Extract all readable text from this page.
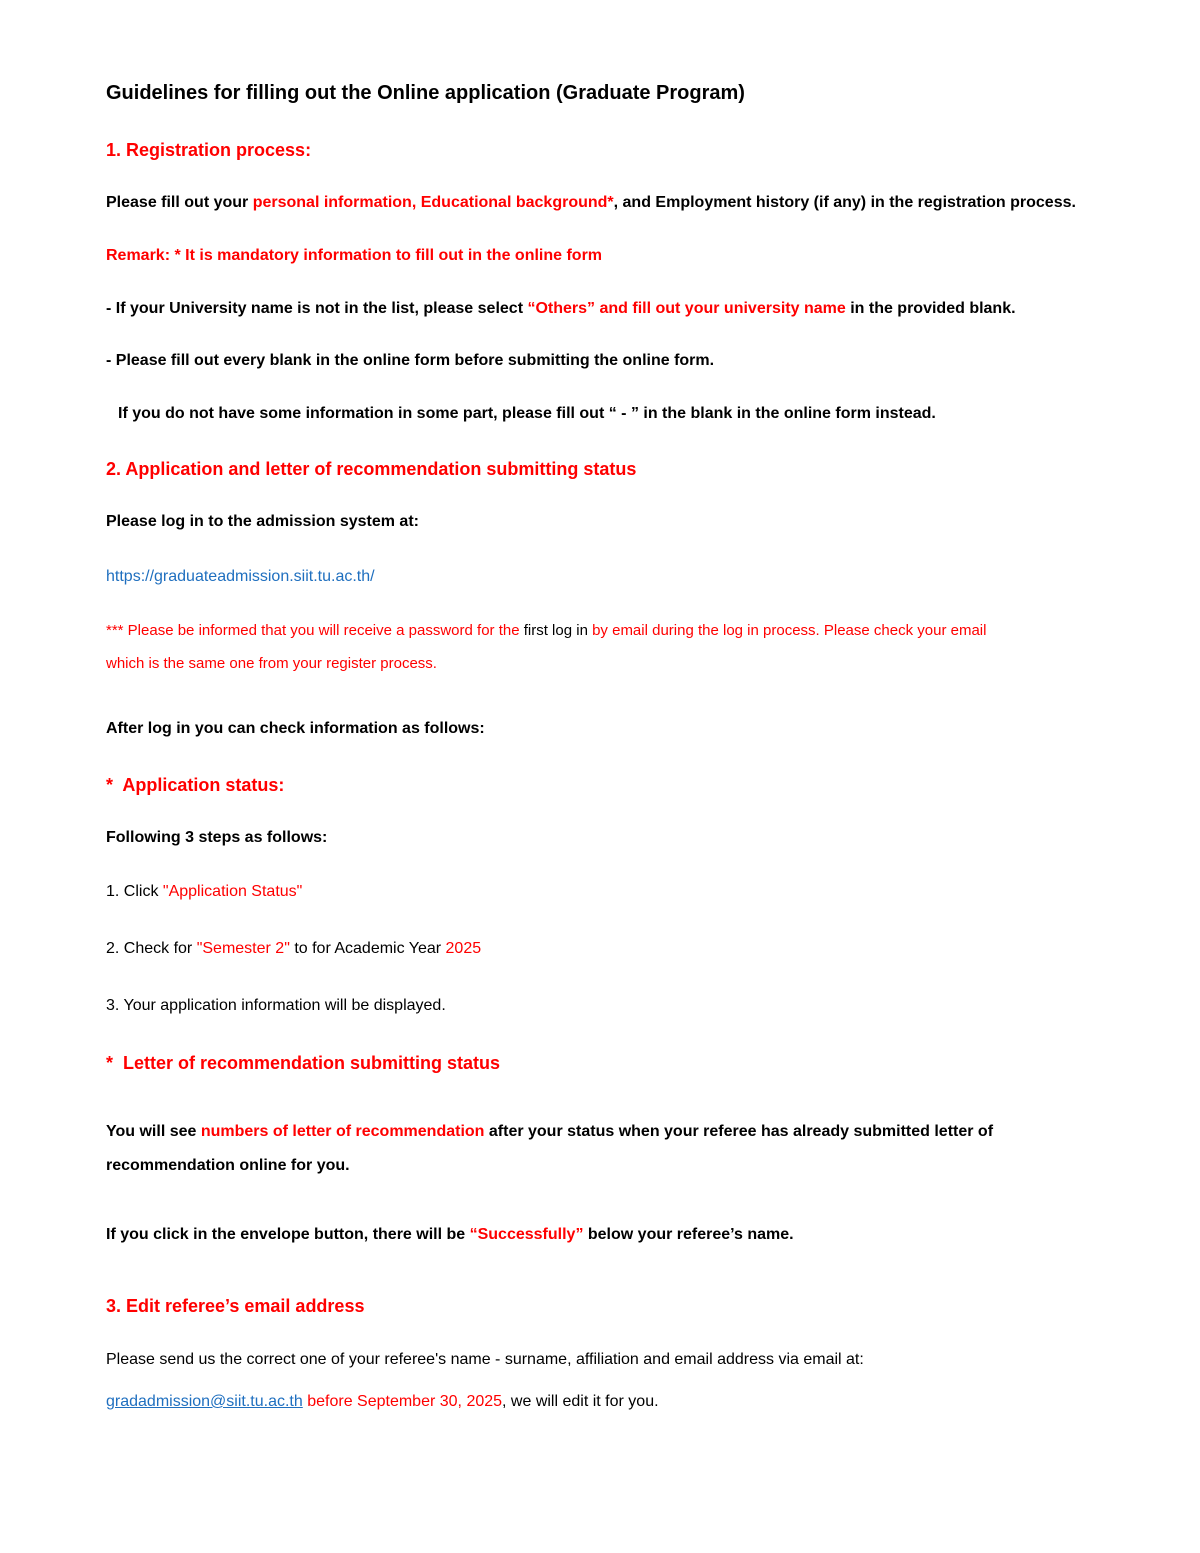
Guidelines for filling out the Online application (Graduate Program)
1. Registration process:
Please fill out your personal information, Educational background*, and Employment history (if any) in the registration process.
Remark: * It is mandatory information to fill out in the online form
- If your University name is not in the list, please select “Others” and fill out your university name in the provided blank.
- Please fill out every blank in the online form before submitting the online form.
If you do not have some information in some part, please fill out “ - ” in the blank in the online form instead.
2. Application and letter of recommendation submitting status
Please log in to the admission system at:
https://graduateadmission.siit.tu.ac.th/
*** Please be informed that you will receive a password for the first log in by email during the log in process. Please check your email
which is the same one from your register process.
After log in you can check information as follows:
*  Application status:
Following 3 steps as follows:
1. Click "Application Status"
2. Check for "Semester 2" to for Academic Year 2025
3. Your application information will be displayed.
*  Letter of recommendation submitting status
You will see numbers of letter of recommendation after your status when your referee has already submitted letter of
recommendation online for you.
If you click in the envelope button, there will be “Successfully” below your referee’s name.
3. Edit referee’s email address
Please send us the correct one of your referee's name - surname, affiliation and email address via email at:
gradadmission@siit.tu.ac.th before September 30, 2025, we will edit it for you.
